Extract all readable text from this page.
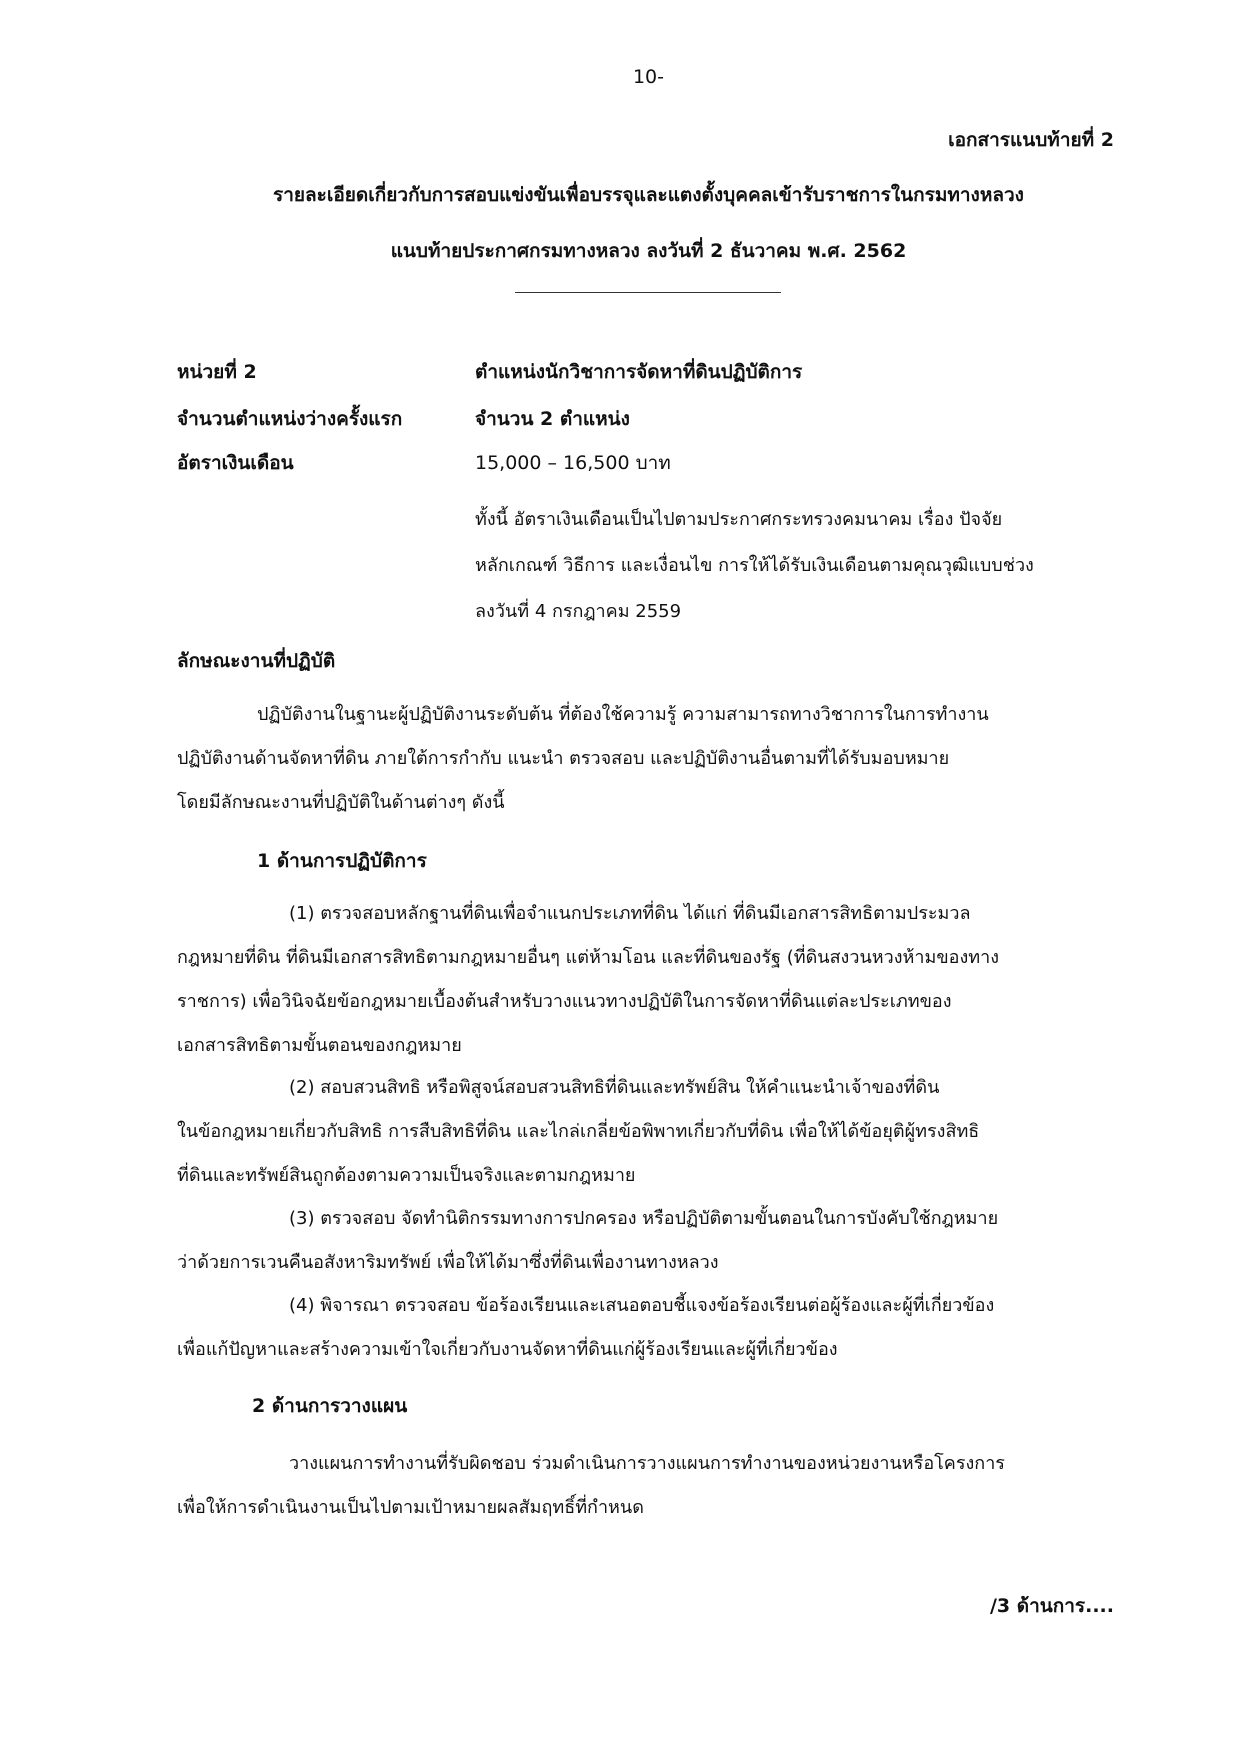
10-
เอกสารแนบท้ายที่ 2
รายละเอียดเกี่ยวกับการสอบแข่งขันเพื่อบรรจุและแตงตั้งบุคคลเข้ารับราชการในกรมทางหลวง
แนบท้ายประกาศกรมทางหลวง ลงวันที่ 2 ธันวาคม พ.ศ. 2562
หน่วยที่ 2	ตำแหน่งนักวิชาการจัดหาที่ดินปฏิบัติการ
จำนวนตำแหน่งว่างครั้งแรก	จำนวน 2 ตำแหน่ง
อัตราเงินเดือน	15,000 – 16,500 บาท
ทั้งนี้ อัตราเงินเดือนเป็นไปตามประกาศกระทรวงคมนาคม เรื่อง ปัจจัย
หลักเกณฑ์ วิธีการ และเงื่อนไข การให้ได้รับเงินเดือนตามคุณวุฒิแบบช่วง
ลงวันที่ 4 กรกฎาคม 2559
ลักษณะงานที่ปฏิบัติ
ปฏิบัติงานในฐานะผู้ปฏิบัติงานระดับต้น ที่ต้องใช้ความรู้ ความสามารถทางวิชาการในการทำงาน
ปฏิบัติงานด้านจัดหาที่ดิน ภายใต้การกำกับ แนะนำ ตรวจสอบ และปฏิบัติงานอื่นตามที่ได้รับมอบหมาย
โดยมีลักษณะงานที่ปฏิบัติในด้านต่างๆ ดังนี้
1 ด้านการปฏิบัติการ
(1) ตรวจสอบหลักฐานที่ดินเพื่อจำแนกประเภทที่ดิน ได้แก่ ที่ดินมีเอกสารสิทธิตามประมวล
กฎหมายที่ดิน ที่ดินมีเอกสารสิทธิตามกฎหมายอื่นๆ แต่ห้ามโอน และที่ดินของรัฐ (ที่ดินสงวนหวงห้ามของทาง
ราชการ) เพื่อวินิจฉัยข้อกฎหมายเบื้องต้นสำหรับวางแนวทางปฏิบัติในการจัดหาที่ดินแต่ละประเภทของ
เอกสารสิทธิตามขั้นตอนของกฎหมาย
(2) สอบสวนสิทธิ หรือพิสูจน์สอบสวนสิทธิที่ดินและทรัพย์สิน ให้คำแนะนำเจ้าของที่ดิน
ในข้อกฎหมายเกี่ยวกับสิทธิ การสืบสิทธิที่ดิน และไกล่เกลี่ยข้อพิพาทเกี่ยวกับที่ดิน เพื่อให้ได้ข้อยุติผู้ทรงสิทธิ
ที่ดินและทรัพย์สินถูกต้องตามความเป็นจริงและตามกฎหมาย
(3) ตรวจสอบ จัดทำนิติกรรมทางการปกครอง หรือปฏิบัติตามขั้นตอนในการบังคับใช้กฎหมาย
ว่าด้วยการเวนคืนอสังหาริมทรัพย์ เพื่อให้ได้มาซึ่งที่ดินเพื่องานทางหลวง
(4) พิจารณา ตรวจสอบ ข้อร้องเรียนและเสนอตอบชี้แจงข้อร้องเรียนต่อผู้ร้องและผู้ที่เกี่ยวข้อง
เพื่อแก้ปัญหาและสร้างความเข้าใจเกี่ยวกับงานจัดหาที่ดินแก่ผู้ร้องเรียนและผู้ที่เกี่ยวข้อง
2 ด้านการวางแผน
วางแผนการทำงานที่รับผิดชอบ ร่วมดำเนินการวางแผนการทำงานของหน่วยงานหรือโครงการ
เพื่อให้การดำเนินงานเป็นไปตามเป้าหมายผลสัมฤทธิ์ที่กำหนด
/3 ด้านการ....
